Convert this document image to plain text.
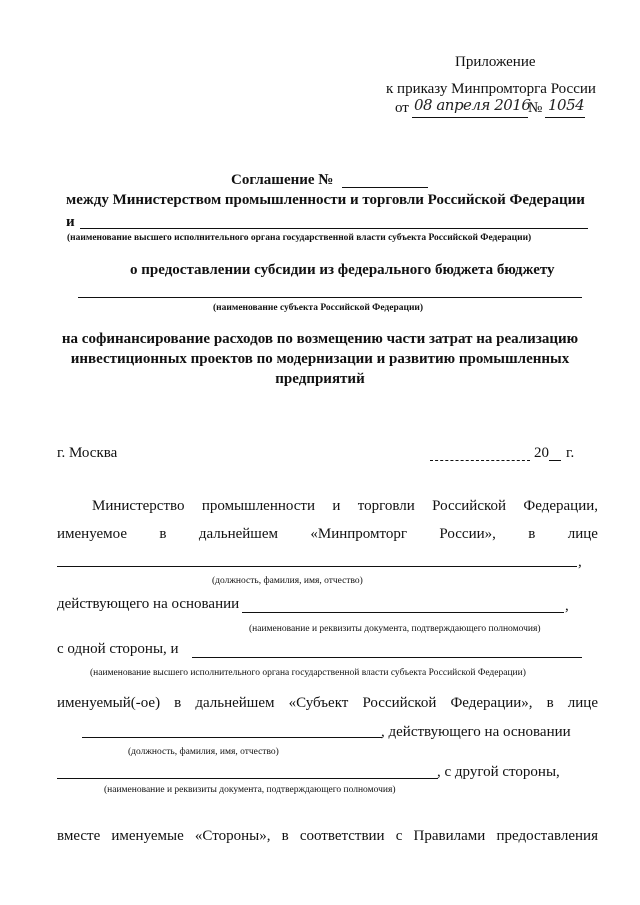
Приложение
к приказу Минпромторга России
от 08 апреля 2016
№ 1054
Соглашение №
между Министерством промышленности и торговли Российской Федерации
и
(наименование высшего исполнительного органа государственной власти субъекта Российской Федерации)
о предоставлении субсидии из федерального бюджета бюджету
(наименование субъекта Российской Федерации)
на софинансирование расходов по возмещению части затрат на реализацию
инвестиционных проектов по модернизации и развитию промышленных
предприятий
г. Москва	20 г.
Министерство промышленности и торговли Российской Федерации,
именуемое в дальнейшем «Минпромторг России», в лице
,
(должность, фамилия, имя, отчество)
действующего на основании	,
(наименование и реквизиты документа, подтверждающего полномочия)
с одной стороны, и
(наименование высшего исполнительного органа государственной власти субъекта Российской Федерации)
именуемый(-ое) в дальнейшем «Субъект Российской Федерации», в лице
, действующего на основании
(должность, фамилия, имя, отчество)
, с другой стороны,
(наименование и реквизиты документа, подтверждающего полномочия)
вместе именуемые «Стороны», в соответствии с Правилами предоставления
